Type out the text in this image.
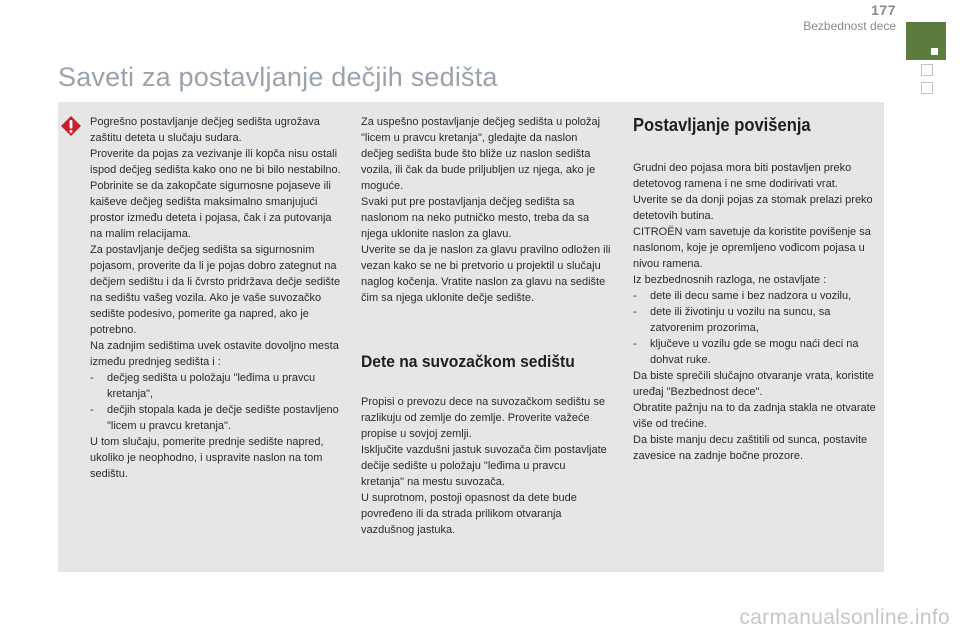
177
Bezbednost dece
Saveti za postavljanje dečjih sedišta

Pogrešno postavljanje dečjeg sedišta ugrožava zaštitu deteta u slučaju sudara.

Proverite da pojas za vezivanje ili kopča nisu ostali ispod dečjeg sedišta kako ono ne bi bilo nestabilno.

Pobrinite se da zakopčate sigurnosne pojaseve ili kaiševe dečjeg sedišta maksimalno smanjujući prostor između deteta i pojasa, čak i za putovanja na malim relacijama.

Za postavljanje dečjeg sedišta sa sigurnosnim pojasom, proverite da li je pojas dobro zategnut na dečjem sedištu i da li čvrsto pridržava dečje sedište na sedištu vašeg vozila. Ako je vaše suvozačko sedište podesivo, pomerite ga napred, ako je potrebno.

Na zadnjim sedištima uvek ostavite dovoljno mesta između prednjeg sedišta i :

- dečjeg sedišta u položaju "leđima u pravcu kretanja",
- dečjih stopala kada je dečje sedište postavljeno "licem u pravcu kretanja".

U tom slučaju, pomerite prednje sedište napred, ukoliko je neophodno, i uspravite naslon na tom sedištu.

Za uspešno postavljanje dečjeg sedišta u položaj "licem u pravcu kretanja", gledajte da naslon dečjeg sedišta bude što bliže uz naslon sedišta vozila, ili čak da bude priljubljen uz njega, ako je moguće.

Svaki put pre postavljanja dečjeg sedišta sa naslonom na neko putničko mesto, treba da sa njega uklonite naslon za glavu.

Uverite se da je naslon za glavu pravilno odložen ili vezan kako se ne bi pretvorio u projektil u slučaju naglog kočenja. Vratite naslon za glavu na sedište čim sa njega uklonite dečje sedište.

Dete na suvozačkom sedištu

Propisi o prevozu dece na suvozačkom sedištu se razlikuju od zemlje do zemlje. Proverite važeće propise u sovjoj zemlji.

Isključite vazdušni jastuk suvozača čim postavljate dečije sedište u položaju "leđima u pravcu kretanja" na mestu suvozača.

U suprotnom, postoji opasnost da dete bude povređeno ili da strada prilikom otvaranja vazdušnog jastuka.

Postavljanje povišenja

Grudni deo pojasa mora biti postavljen preko detetovog ramena i ne sme dodirivati vrat.

Uverite se da donji pojas za stomak prelazi preko detetovih butina.

CITROËN vam savetuje da koristite povišenje sa naslonom, koje je opremljeno vođicom pojasa u nivou ramena.

Iz bezbednosnih razloga, ne ostavljate :

- dete ili decu same i bez nadzora u vozilu,
- dete ili životinju u vozilu na suncu, sa zatvorenim prozorima,
- ključeve u vozilu gde se mogu naći deci na dohvat ruke.

Da biste sprečili slučajno otvaranje vrata, koristite uređaj "Bezbednost dece".

Obratite pažnju na to da zadnja stakla ne otvarate više od trećine.

Da biste manju decu zaštitili od sunca, postavite zavesice na zadnje bočne prozore.

carmanualsonline.info
